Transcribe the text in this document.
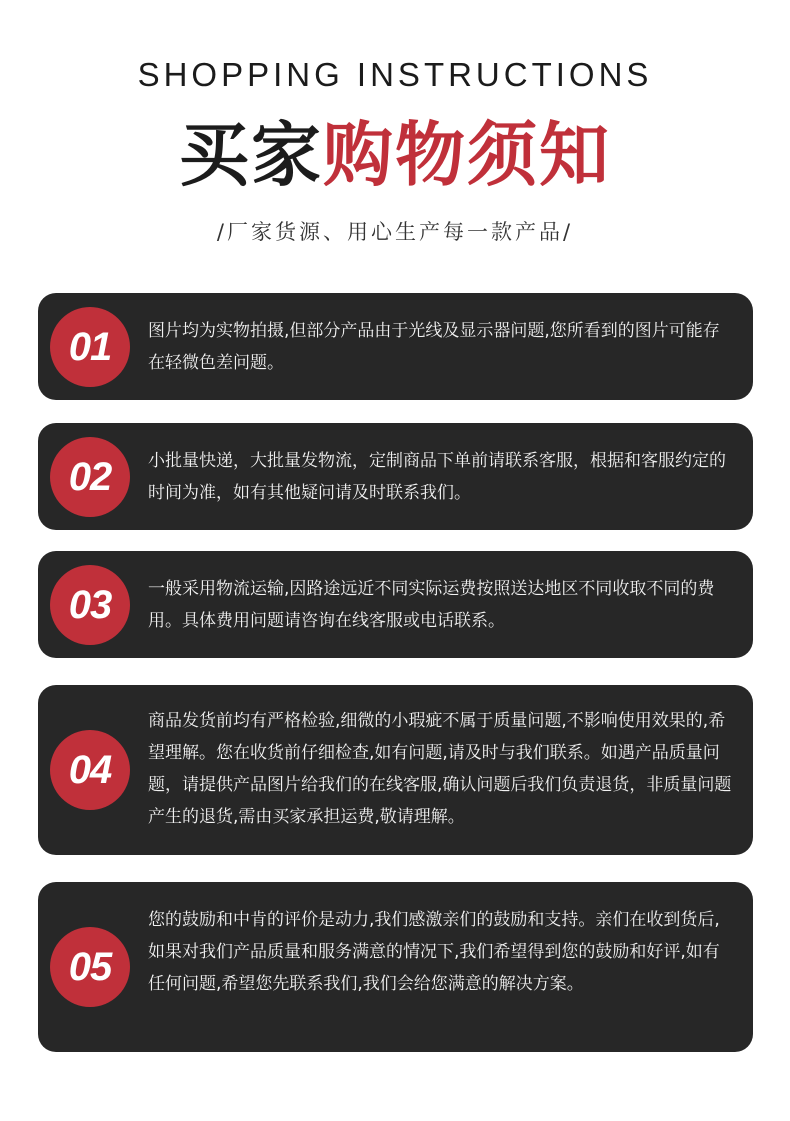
SHOPPING INSTRUCTIONS
买家购物须知
/厂家货源、用心生产每一款产品/
01 图片均为实物拍摄,但部分产品由于光线及显示器问题,您所看到的图片可能存在轻微色差问题。
02 小批量快递，大批量发物流，定制商品下单前请联系客服，根据和客服约定的时间为准，如有其他疑问请及时联系我们。
03 一般采用物流运输,因路途远近不同实际运费按照送达地区不同收取不同的费用。具体费用问题请咨询在线客服或电话联系。
04
商品发货前均有严格检验,细微的小瑕疵不属于质量问题,不影响使用效果的,希望理解。您在收货前仔细检查,如有问题,请及时与我们联系。如遇产品质量问题，请提供产品图片给我们的在线客服,确认问题后我们负责退货，非质量问题产生的退货,需由买家承担运费,敬请理解。
05
您的鼓励和中肯的评价是动力,我们感激亲们的鼓励和支持。亲们在收到货后,如果对我们产品质量和服务满意的情况下,我们希望得到您的鼓励和好评,如有任何问题,希望您先联系我们,我们会给您满意的解决方案。
